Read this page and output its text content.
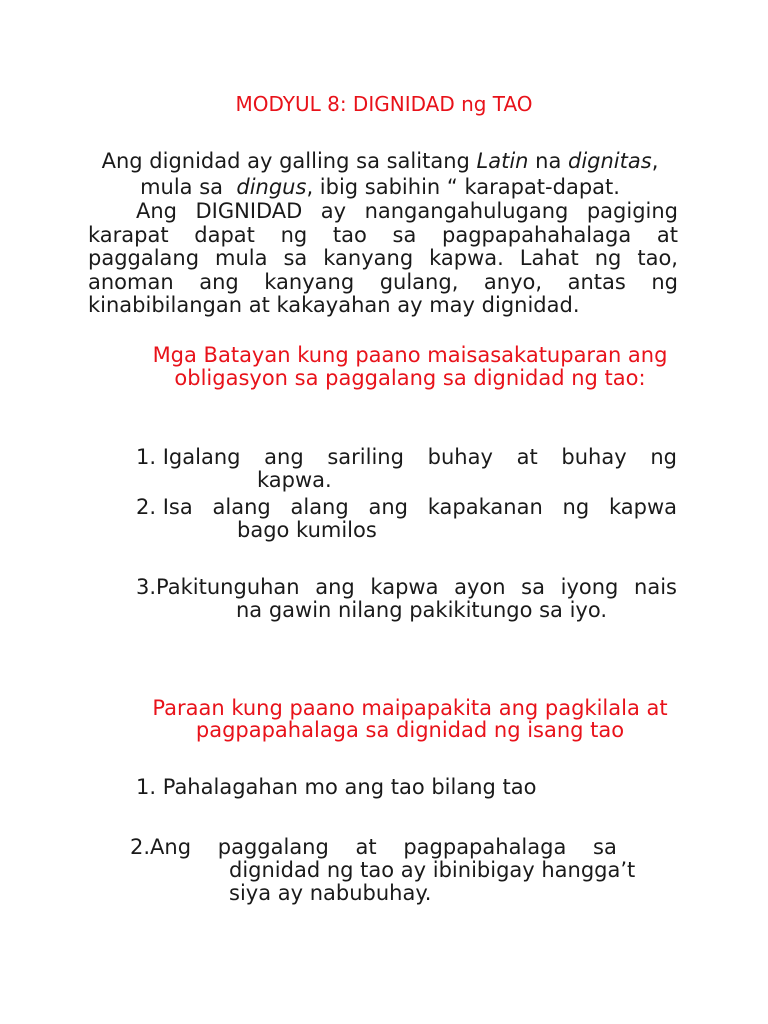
MODYUL 8: DIGNIDAD ng TAO
Ang dignidad ay galling sa salitang Latin na dignitas,
mula sa  dingus, ibig sabihin “ karapat-dapat.
Ang DIGNIDAD ay nangangahulugang pagiging karapat dapat ng tao sa pagpapahahalaga at paggalang mula sa kanyang kapwa. Lahat ng tao, anoman ang kanyang gulang, anyo, antas ng kinabibilangan at kakayahan ay may dignidad.
Mga Batayan kung paano maisasakatuparan ang obligasyon sa paggalang sa dignidad ng tao:
1. Igalang ang sariling buhay at buhay ng
kapwa.
2. Isa alang alang ang kapakanan ng kapwa
bago kumilos
3. Pakitunguhan ang kapwa ayon sa iyong nais
na gawin nilang pakikitungo sa iyo.
Paraan kung paano maipapakita ang pagkilala at pagpapahalaga sa dignidad ng isang tao
1. Pahalagahan mo ang tao bilang tao
2. Ang    paggalang    at    pagpapahalaga    sa
dignidad ng tao ay ibinibigay hangga’t
siya ay nabubuhay.
